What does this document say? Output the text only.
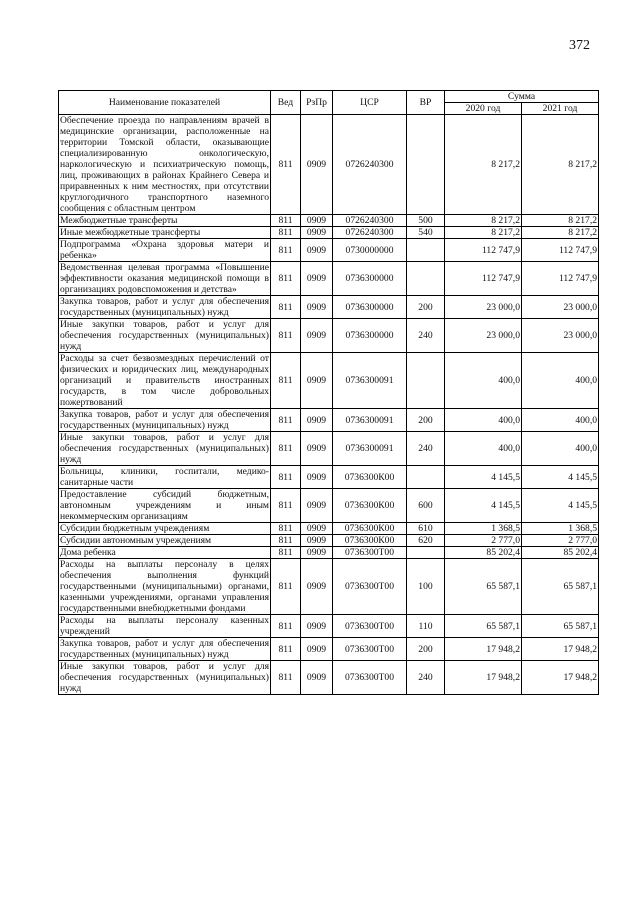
372
Наименование показателей	Вед	РзПр	ЦСР	ВР	Сумма	
					2020 год	2021 год
Обеспечение проезда по направлениям врачей в медицинские организации, расположенные на территории Томской области, оказывающие специализированную онкологическую, наркологическую и психиатрическую помощь, лиц, проживающих в районах Крайнего Севера и приравненных к ним местностях, при отсутствии круглогодичного транспортного наземного сообщения с областным центром	811	0909	0726240300		8 217,2	8 217,2
Межбюджетные трансферты	811	0909	0726240300	500	8 217,2	8 217,2
Иные межбюджетные трансферты	811	0909	0726240300	540	8 217,2	8 217,2
Подпрограмма «Охрана здоровья матери и ребенка»	811	0909	0730000000		112 747,9	112 747,9
Ведомственная целевая программа «Повышение эффективности оказания медицинской помощи в организациях родовспоможения и детства»	811	0909	0736300000		112 747,9	112 747,9
Закупка товаров, работ и услуг для обеспечения государственных (муниципальных) нужд	811	0909	0736300000	200	23 000,0	23 000,0
Иные закупки товаров, работ и услуг для обеспечения государственных (муниципальных) нужд	811	0909	0736300000	240	23 000,0	23 000,0
Расходы за счет безвозмездных перечислений от физических и юридических лиц, международных организаций и правительств иностранных государств, в том числе добровольных пожертвований	811	0909	0736300091		400,0	400,0
Закупка товаров, работ и услуг для обеспечения государственных (муниципальных) нужд	811	0909	0736300091	200	400,0	400,0
Иные закупки товаров, работ и услуг для обеспечения государственных (муниципальных) нужд	811	0909	0736300091	240	400,0	400,0
Больницы, клиники, госпитали, медико-санитарные части	811	0909	0736300К00		4 145,5	4 145,5
Предоставление субсидий бюджетным, автономным учреждениям и иным некоммерческим организациям	811	0909	0736300К00	600	4 145,5	4 145,5
Субсидии бюджетным учреждениям	811	0909	0736300К00	610	1 368,5	1 368,5
Субсидии автономным учреждениям	811	0909	0736300К00	620	2 777,0	2 777,0
Дома ребенка	811	0909	0736300Т00		85 202,4	85 202,4
Расходы на выплаты персоналу в целях обеспечения выполнения функций государственными (муниципальными) органами, казенными учреждениями, органами управления государственными внебюджетными фондами	811	0909	0736300Т00	100	65 587,1	65 587,1
Расходы на выплаты персоналу казенных учреждений	811	0909	0736300Т00	110	65 587,1	65 587,1
Закупка товаров, работ и услуг для обеспечения государственных (муниципальных) нужд	811	0909	0736300Т00	200	17 948,2	17 948,2
Иные закупки товаров, работ и услуг для обеспечения государственных (муниципальных) нужд	811	0909	0736300Т00	240	17 948,2	17 948,2
